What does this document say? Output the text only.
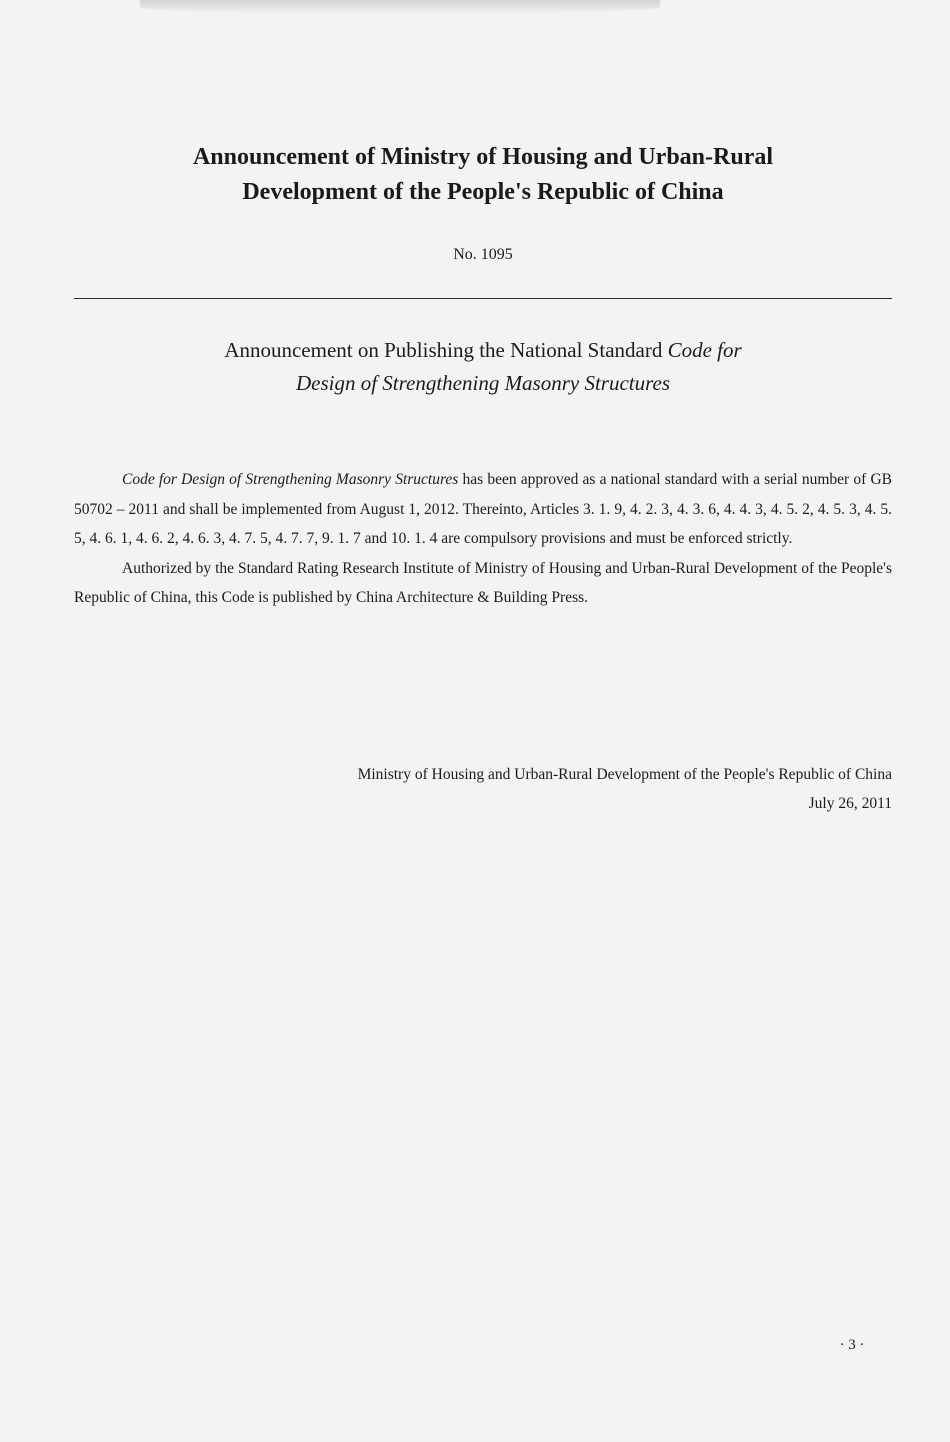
Announcement of Ministry of Housing and Urban-Rural
Development of the People's Republic of China
No. 1095
Announcement on Publishing the National Standard Code for
Design of Strengthening Masonry Structures

Code for Design of Strengthening Masonry Structures has been approved as a national standard with a serial number of GB 50702 – 2011 and shall be implemented from August 1, 2012. Thereinto, Articles 3. 1. 9, 4. 2. 3, 4. 3. 6, 4. 4. 3, 4. 5. 2, 4. 5. 3, 4. 5. 5, 4. 6. 1, 4. 6. 2, 4. 6. 3, 4. 7. 5, 4. 7. 7, 9. 1. 7 and 10. 1. 4 are compulsory provisions and must be enforced strictly.

Authorized by the Standard Rating Research Institute of Ministry of Housing and Urban-Rural Development of the People's Republic of China, this Code is published by China Architecture & Building Press.

Ministry of Housing and Urban-Rural Development of the People's Republic of China
July 26, 2011
· 3 ·
